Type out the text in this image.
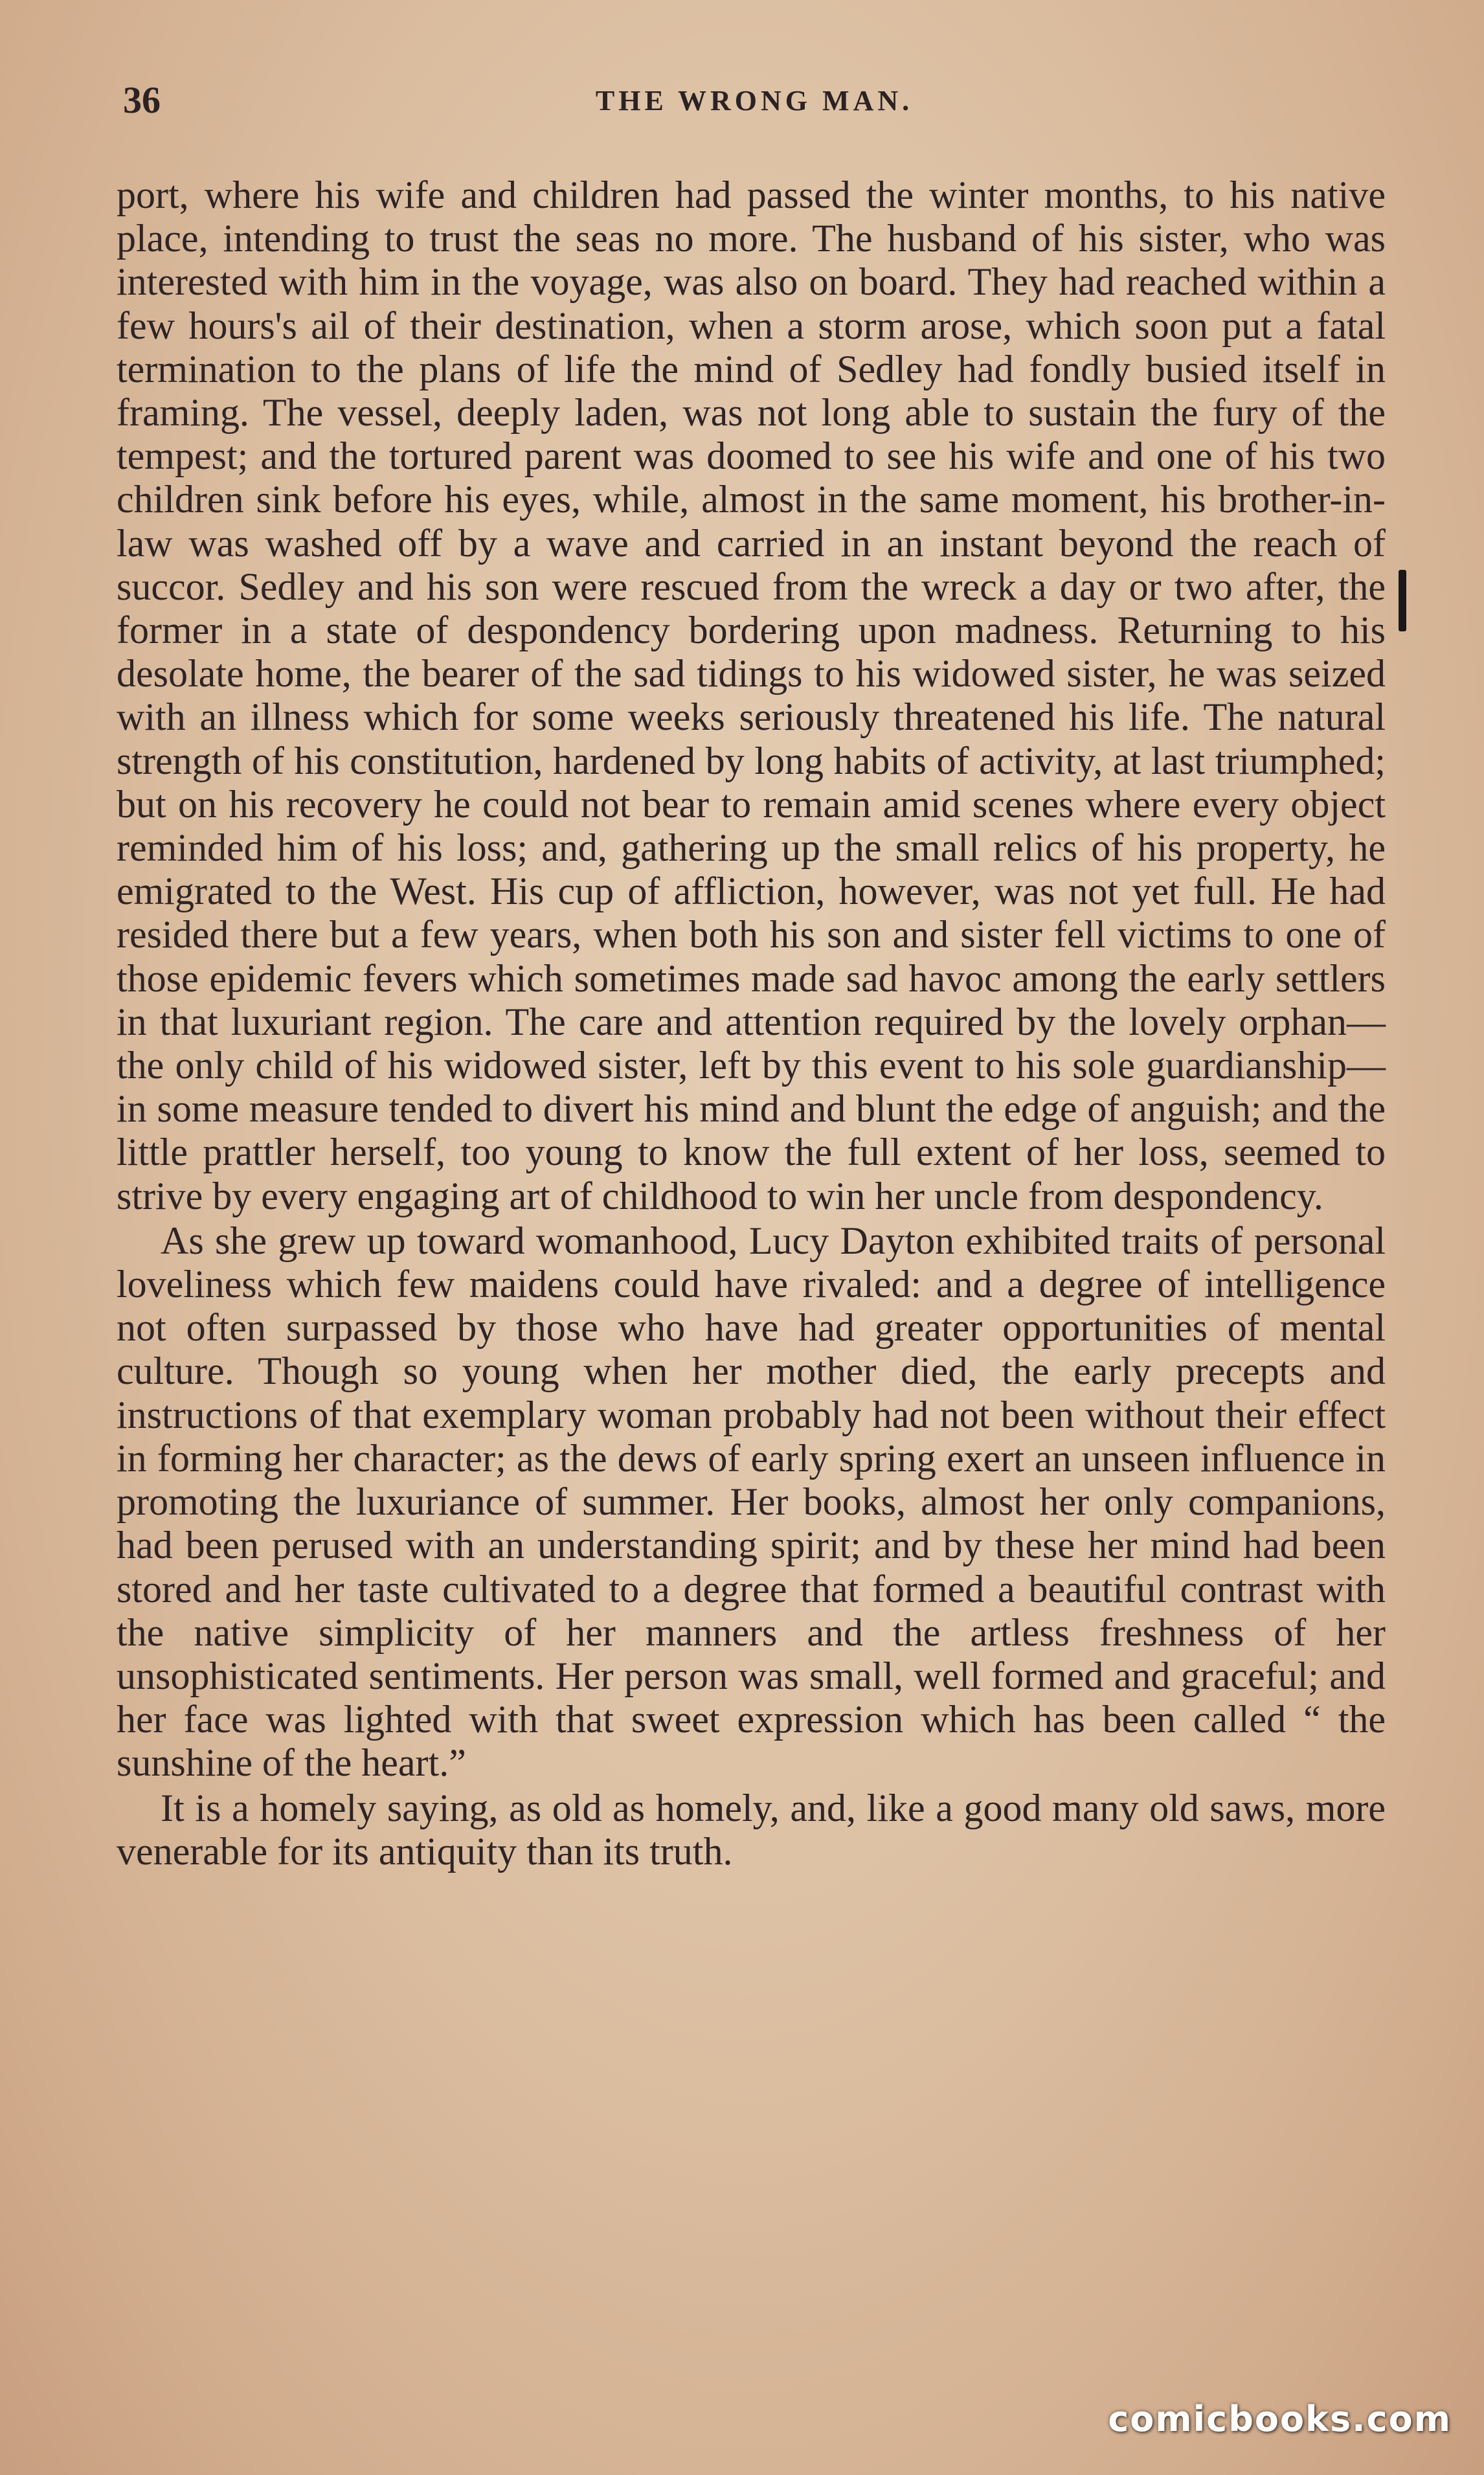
36	THE WRONG MAN.

port, where his wife and children had passed the winter months, to his native place, intending to trust the seas no more. The husband of his sister, who was interested with him in the voyage, was also on board. They had reached within a few hours's ail of their destination, when a storm arose, which soon put a fatal termination to the plans of life the mind of Sedley had fondly busied itself in framing. The vessel, deeply laden, was not long able to sustain the fury of the tempest; and the tortured parent was doomed to see his wife and one of his two children sink before his eyes, while, almost in the same moment, his brother-in-law was washed off by a wave and carried in an instant beyond the reach of succor. Sedley and his son were rescued from the wreck a day or two after, the former in a state of despondency bordering upon madness. Returning to his desolate home, the bearer of the sad tidings to his widowed sister, he was seized with an illness which for some weeks seriously threatened his life. The natural strength of his constitution, hardened by long habits of activity, at last triumphed; but on his recovery he could not bear to remain amid scenes where every object reminded him of his loss; and, gathering up the small relics of his property, he emigrated to the West. His cup of affliction, however, was not yet full. He had resided there but a few years, when both his son and sister fell victims to one of those epidemic fevers which sometimes made sad havoc among the early settlers in that luxuriant region. The care and attention required by the lovely orphan—the only child of his widowed sister, left by this event to his sole guardianship—in some measure tended to divert his mind and blunt the edge of anguish; and the little prattler herself, too young to know the full extent of her loss, seemed to strive by every engaging art of childhood to win her uncle from despondency.

As she grew up toward womanhood, Lucy Dayton exhibited traits of personal loveliness which few maidens could have rivaled: and a degree of intelligence not often surpassed by those who have had greater opportunities of mental culture. Though so young when her mother died, the early precepts and instructions of that exemplary woman probably had not been without their effect in forming her character; as the dews of early spring exert an unseen influence in promoting the luxuriance of summer. Her books, almost her only companions, had been perused with an understanding spirit; and by these her mind had been stored and her taste cultivated to a degree that formed a beautiful contrast with the native simplicity of her manners and the artless freshness of her unsophisticated sentiments. Her person was small, well formed and graceful; and her face was lighted with that sweet expression which has been called “ the sunshine of the heart.”

It is a homely saying, as old as homely, and, like a good many old saws, more venerable for its antiquity than its truth.

comicbooks.com
